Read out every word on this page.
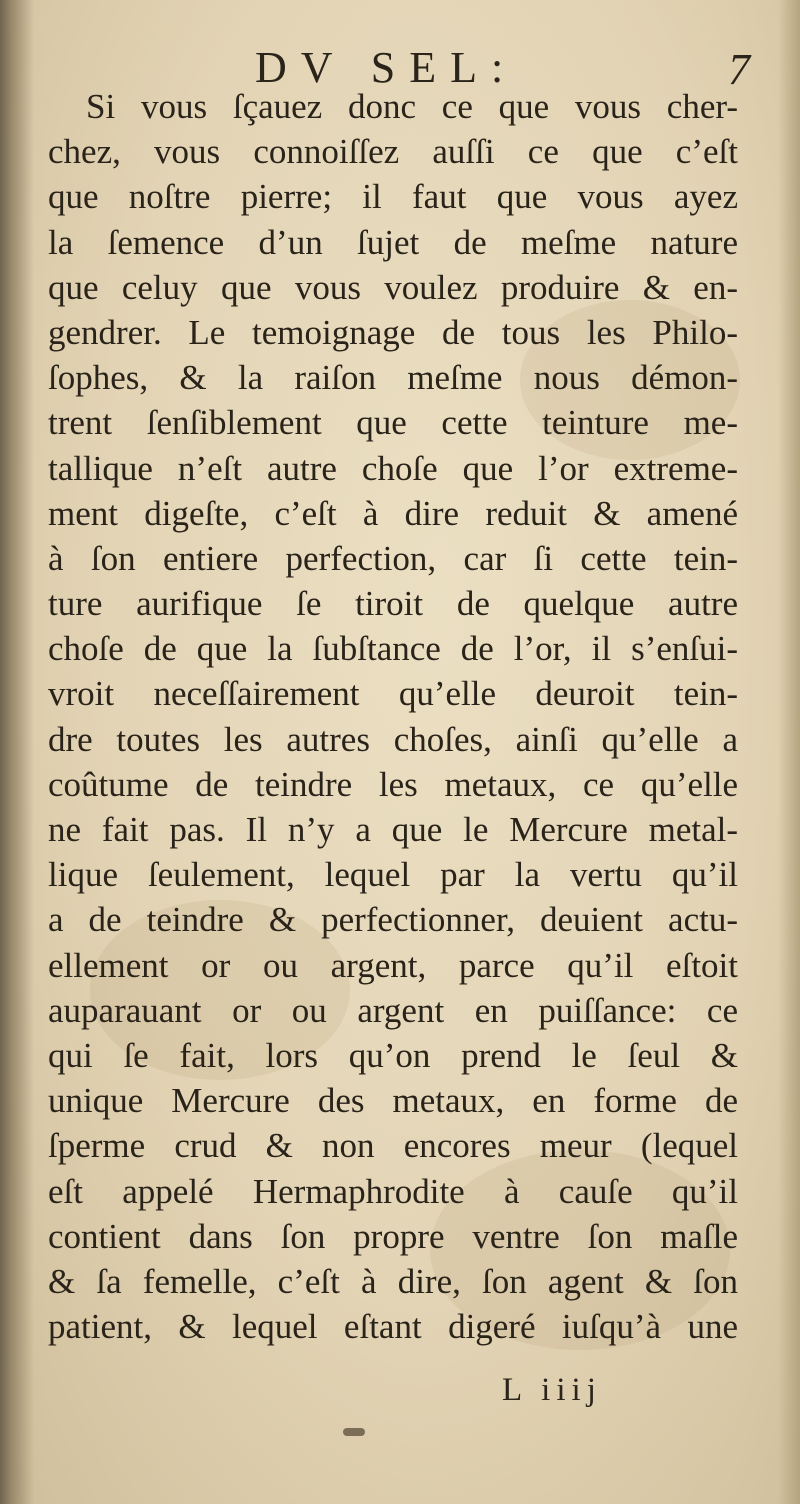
DV SEL:	7
Si vous ſçauez donc ce que vous cher-
chez, vous connoiſſez auſſi ce que c’eſt
que noſtre pierre; il faut que vous ayez
la ſemence d’un ſujet de meſme nature
que celuy que vous voulez produire & en-
gendrer. Le temoignage de tous les Philo-
ſophes, & la raiſon meſme nous démon-
trent ſenſiblement que cette teinture me-
tallique n’eſt autre choſe que l’or extreme-
ment digeſte, c’eſt à dire reduit & amené
à ſon entiere perfection, car ſi cette tein-
ture aurifique ſe tiroit de quelque autre
choſe de que la ſubſtance de l’or, il s’enſui-
vroit neceſſairement qu’elle deuroit tein-
dre toutes les autres choſes, ainſi qu’elle a
coûtume de teindre les metaux, ce qu’elle
ne fait pas. Il n’y a que le Mercure metal-
lique ſeulement, lequel par la vertu qu’il
a de teindre & perfectionner, deuient actu-
ellement or ou argent, parce qu’il eſtoit
auparauant or ou argent en puiſſance: ce
qui ſe fait, lors qu’on prend le ſeul &
unique Mercure des metaux, en forme de
ſperme crud & non encores meur (lequel
eſt appelé Hermaphrodite à cauſe qu’il
contient dans ſon propre ventre ſon maſle
& ſa femelle, c’eſt à dire, ſon agent & ſon
patient, & lequel eſtant digeré iuſqu’à une
L iiij
